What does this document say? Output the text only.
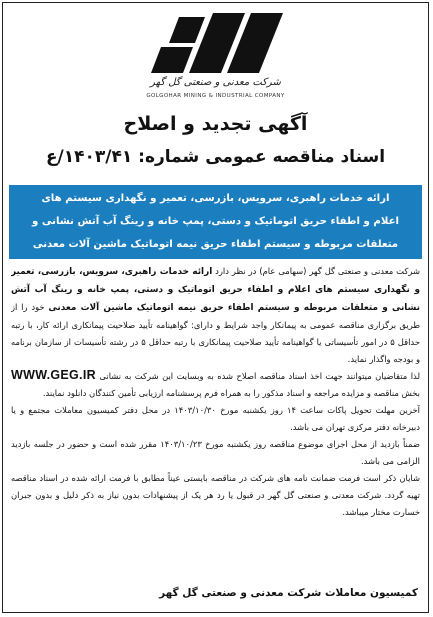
شرکت معدنی و صنعتی گل گهر
GOLGOHAR MINING & INDUSTRIAL COMPANY
آگهی تجدید و اصلاح
اسناد مناقصه عمومی شماره: ۱۴۰۳/۴۱/ع
ارائه خدمات راهبری، سرویس، بازرسی، تعمیر و نگهداری سیستم های
اعلام و اطفاء حریق اتوماتیک و دستی، پمپ خانه و رینگ آب آتش نشانی و
متعلقات مربوطه و سیستم اطفاء حریق نیمه اتوماتیک ماشین آلات معدنی

شرکت معدنی و صنعتی گل گهر (سهامی عام) در نظر دارد ارائه خدمات راهبری، سرویس، بازرسی، تعمیر و نگهداری سیستم های اعلام و اطفاء حریق اتوماتیک و دستی، پمپ خانه و رینگ آب آتش نشانی و متعلقات مربوطه و سیستم اطفاء حریق نیمه اتوماتیک ماشین آلات معدنی خود را از طریق برگزاری مناقصه عمومی به پیمانکار واجد شرایط و دارای: گواهینامه تأیید صلاحیت پیمانکاری ارائه کار، با رتبه حداقل ۵ در امور تأسیساتی یا گواهینامه تأیید صلاحیت پیمانکاری با رتبه حداقل ۵ در رشته تأسیسات از سازمان برنامه و بودجه واگذار نماید.

لذا متقاضیان میتوانند جهت اخذ اسناد مناقصه اصلاح شده به وبسایت این شرکت به نشانی WWW.GEG.IR بخش مناقصه و مزایده مراجعه و اسناد مذکور را به همراه فرم پرسشنامه ارزیابی تأمین کنندگان دانلود نمایند.

آخرین مهلت تحویل پاکات ساعت ۱۴ روز یکشنبه مورخ ۱۴۰۳/۱۰/۳۰ در محل دفتر کمیسیون معاملات مجتمع و یا دبیرخانه دفتر مرکزی تهران می باشد.

ضمناً بازدید از محل اجرای موضوع مناقصه روز یکشنبه مورخ ۱۴۰۳/۱۰/۲۳ مقرر شده است و حضور در جلسه بازدید الزامی می باشد.

شایان ذکر است فرمت ضمانت نامه های شرکت در مناقصه بایستی عیناً مطابق با فرمت ارائه شده در اسناد مناقصه تهیه گردد. شرکت معدنی و صنعتی گل گهر در قبول یا رد هر یک از پیشنهادات بدون نیاز به ذکر دلیل و بدون جبران خسارت مختار میباشد.

کمیسیون معاملات شرکت معدنی و صنعتی گل گهر
